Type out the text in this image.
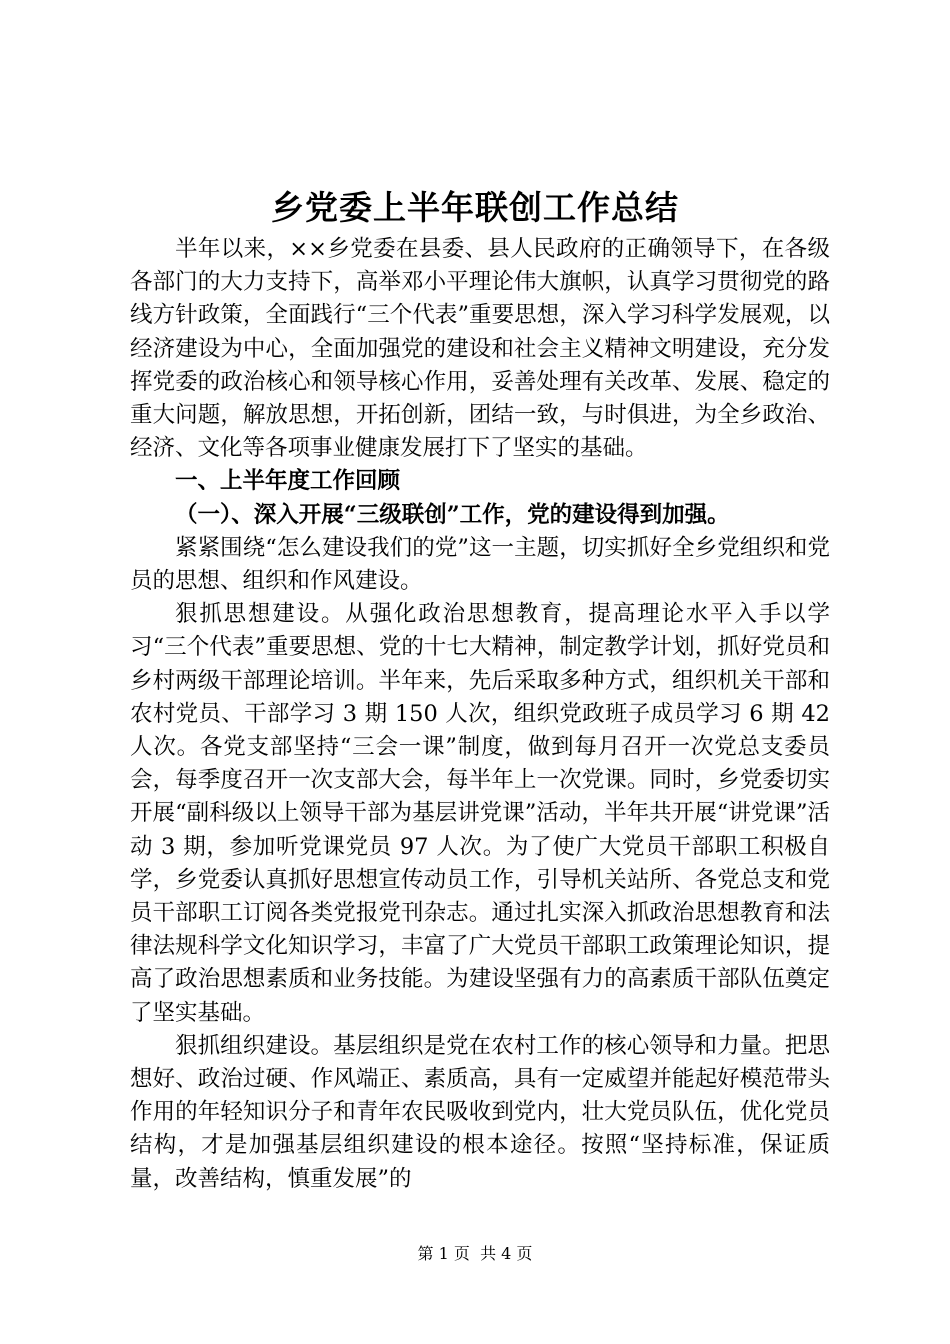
乡党委上半年联创工作总结

半年以来，××乡党委在县委、县人民政府的正确领导下，在各级各部门的大力支持下，高举邓小平理论伟大旗帜，认真学习贯彻党的路线方针政策，全面践行“三个代表”重要思想，深入学习科学发展观，以经济建设为中心，全面加强党的建设和社会主义精神文明建设，充分发挥党委的政治核心和领导核心作用，妥善处理有关改革、发展、稳定的重大问题，解放思想，开拓创新，团结一致，与时俱进，为全乡政治、经济、文化等各项事业健康发展打下了坚实的基础。

一、上半年度工作回顾

（一）、深入开展“三级联创”工作，党的建设得到加强。

紧紧围绕“怎么建设我们的党”这一主题，切实抓好全乡党组织和党员的思想、组织和作风建设。

狠抓思想建设。从强化政治思想教育，提高理论水平入手以学习“三个代表”重要思想、党的十七大精神，制定教学计划，抓好党员和乡村两级干部理论培训。半年来，先后采取多种方式，组织机关干部和农村党员、干部学习 3 期 150 人次，组织党政班子成员学习 6 期 42 人次。各党支部坚持“三会一课”制度，做到每月召开一次党总支委员会，每季度召开一次支部大会，每半年上一次党课。同时，乡党委切实开展“副科级以上领导干部为基层讲党课”活动，半年共开展“讲党课”活动 3 期，参加听党课党员 97 人次。为了使广大党员干部职工积极自学，乡党委认真抓好思想宣传动员工作，引导机关站所、各党总支和党员干部职工订阅各类党报党刊杂志。通过扎实深入抓政治思想教育和法律法规科学文化知识学习，丰富了广大党员干部职工政策理论知识，提高了政治思想素质和业务技能。为建设坚强有力的高素质干部队伍奠定了坚实基础。

狠抓组织建设。基层组织是党在农村工作的核心领导和力量。把思想好、政治过硬、作风端正、素质高，具有一定威望并能起好模范带头作用的年轻知识分子和青年农民吸收到党内，壮大党员队伍，优化党员结构，才是加强基层组织建设的根本途径。按照“坚持标准，保证质量，改善结构，慎重发展”的

第 1 页 共 4 页
